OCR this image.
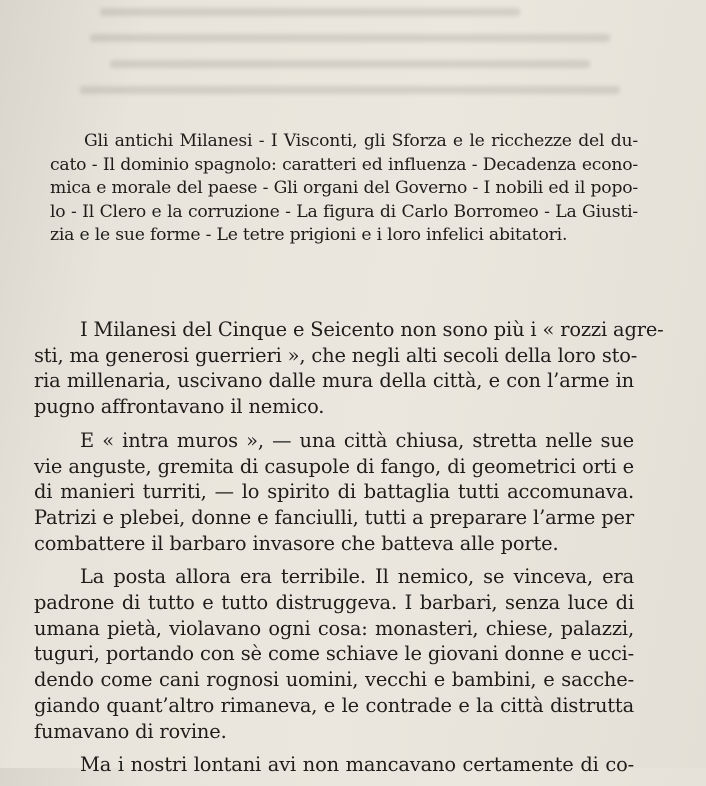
Gli antichi Milanesi - I Visconti, gli Sforza e le ricchezze del du-
cato - Il dominio spagnolo: caratteri ed influenza - Decadenza econo-
mica e morale del paese - Gli organi del Governo - I nobili ed il popo-
lo - Il Clero e la corruzione - La figura di Carlo Borromeo - La Giusti-
zia e le sue forme - Le tetre prigioni e i loro infelici abitatori.

I Milanesi del Cinque e Seicento non sono più i « rozzi agre-
sti, ma generosi guerrieri », che negli alti secoli della loro sto-
ria millenaria, uscivano dalle mura della città, e con l’arme in
pugno affrontavano il nemico.

E « intra muros », — una città chiusa, stretta nelle sue
vie anguste, gremita di casupole di fango, di geometrici orti e
di manieri turriti, — lo spirito di battaglia tutti accomunava.
Patrizi e plebei, donne e fanciulli, tutti a preparare l’arme per
combattere il barbaro invasore che batteva alle porte.

La posta allora era terribile. Il nemico, se vinceva, era
padrone di tutto e tutto distruggeva. I barbari, senza luce di
umana pietà, violavano ogni cosa: monasteri, chiese, palazzi,
tuguri, portando con sè come schiave le giovani donne e ucci-
dendo come cani rognosi uomini, vecchi e bambini, e sacche-
giando quant’altro rimaneva, e le contrade e la città distrutta
fumavano di rovine.

Ma i nostri lontani avi non mancavano certamente di co-
